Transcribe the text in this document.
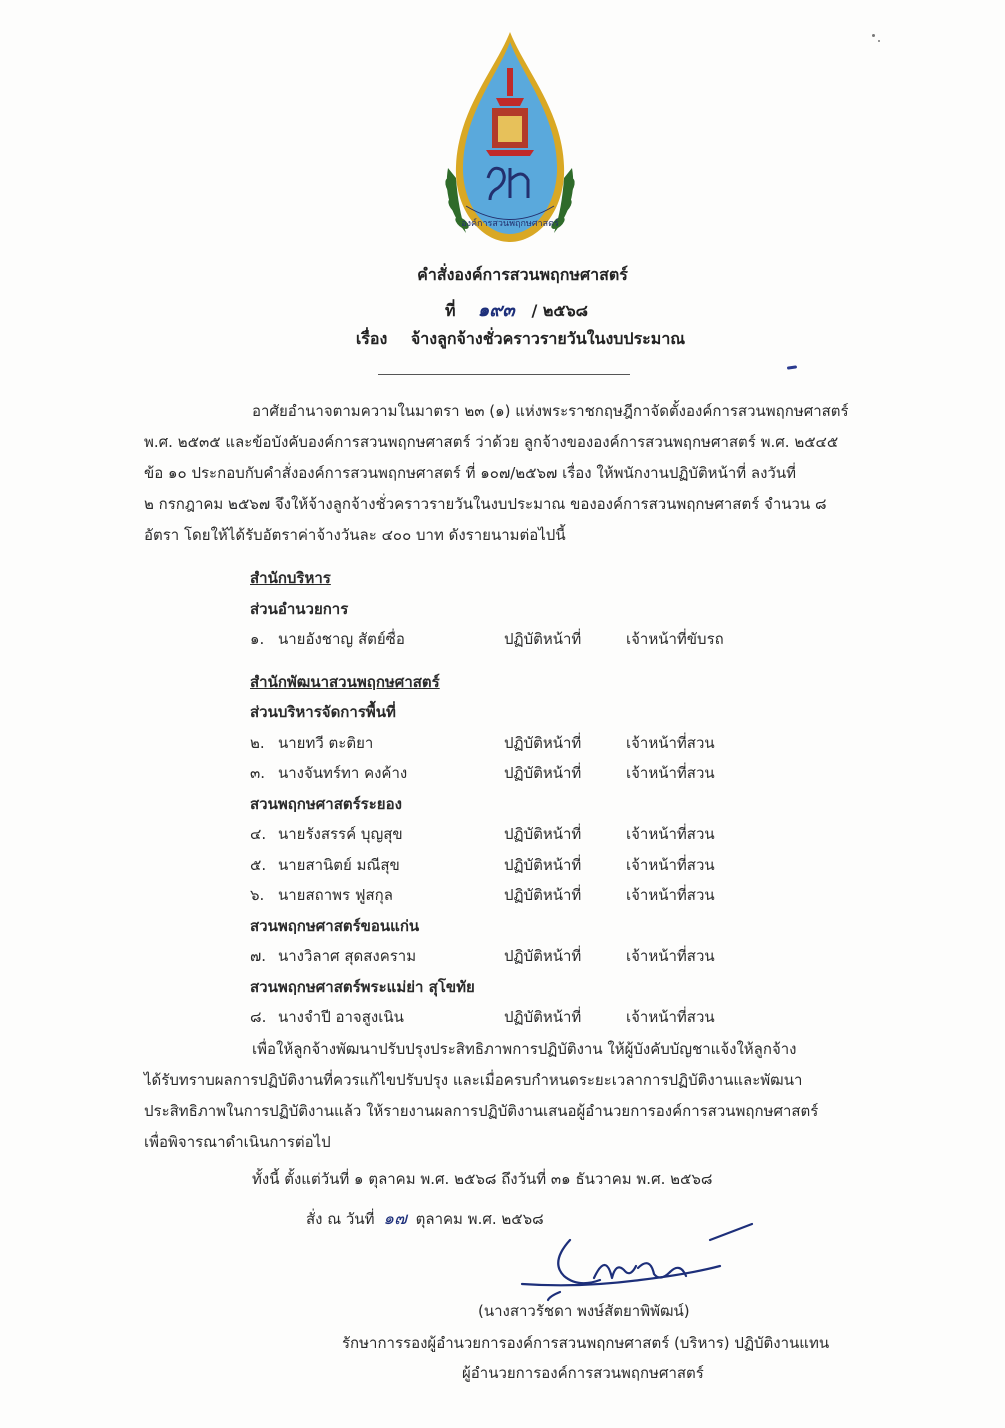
องค์การสวนพฤกษศาสตร์
คำสั่งองค์การสวนพฤกษศาสตร์
ที่ ๑๙๓ / ๒๕๖๘
เรื่อง จ้างลูกจ้างชั่วคราวรายวันในงบประมาณ
อาศัยอำนาจตามความในมาตรา ๒๓ (๑) แห่งพระราชกฤษฎีกาจัดตั้งองค์การสวนพฤกษศาสตร์
พ.ศ. ๒๕๓๕ และข้อบังคับองค์การสวนพฤกษศาสตร์ ว่าด้วย ลูกจ้างขององค์การสวนพฤกษศาสตร์ พ.ศ. ๒๕๔๕
ข้อ ๑๐ ประกอบกับคำสั่งองค์การสวนพฤกษศาสตร์ ที่ ๑๐๗/๒๕๖๗ เรื่อง ให้พนักงานปฏิบัติหน้าที่ ลงวันที่
๒ กรกฎาคม ๒๕๖๗ จึงให้จ้างลูกจ้างชั่วคราวรายวันในงบประมาณ ขององค์การสวนพฤกษศาสตร์ จำนวน ๘
อัตรา โดยให้ได้รับอัตราค่าจ้างวันละ ๔๐๐ บาท ดังรายนามต่อไปนี้
สำนักบริหาร
ส่วนอำนวยการ
๑. นายอังชาญ สัตย์ซื่อ	ปฏิบัติหน้าที่	เจ้าหน้าที่ขับรถ
สำนักพัฒนาสวนพฤกษศาสตร์
ส่วนบริหารจัดการพื้นที่
๒. นายทวี ตะติยา	ปฏิบัติหน้าที่	เจ้าหน้าที่สวน
๓. นางจันทร์ทา คงค้าง	ปฏิบัติหน้าที่	เจ้าหน้าที่สวน
สวนพฤกษศาสตร์ระยอง
๔. นายรังสรรค์ บุญสุข	ปฏิบัติหน้าที่	เจ้าหน้าที่สวน
๕. นายสานิตย์ มณีสุข	ปฏิบัติหน้าที่	เจ้าหน้าที่สวน
๖. นายสถาพร ฟูสกุล	ปฏิบัติหน้าที่	เจ้าหน้าที่สวน
สวนพฤกษศาสตร์ขอนแก่น
๗. นางวิลาศ สุดสงคราม	ปฏิบัติหน้าที่	เจ้าหน้าที่สวน
สวนพฤกษศาสตร์พระแม่ย่า สุโขทัย
๘. นางจำปี อาจสูงเนิน	ปฏิบัติหน้าที่	เจ้าหน้าที่สวน
เพื่อให้ลูกจ้างพัฒนาปรับปรุงประสิทธิภาพการปฏิบัติงาน ให้ผู้บังคับบัญชาแจ้งให้ลูกจ้าง
ได้รับทราบผลการปฏิบัติงานที่ควรแก้ไขปรับปรุง และเมื่อครบกำหนดระยะเวลาการปฏิบัติงานและพัฒนา
ประสิทธิภาพในการปฏิบัติงานแล้ว ให้รายงานผลการปฏิบัติงานเสนอผู้อำนวยการองค์การสวนพฤกษศาสตร์
เพื่อพิจารณาดำเนินการต่อไป
ทั้งนี้ ตั้งแต่วันที่ ๑ ตุลาคม พ.ศ. ๒๕๖๘ ถึงวันที่ ๓๑ ธันวาคม พ.ศ. ๒๕๖๘
สั่ง ณ วันที่ ๑๗ ตุลาคม พ.ศ. ๒๕๖๘
(นางสาวรัชดา พงษ์สัตยาพิพัฒน์)
รักษาการรองผู้อำนวยการองค์การสวนพฤกษศาสตร์ (บริหาร) ปฏิบัติงานแทน
ผู้อำนวยการองค์การสวนพฤกษศาสตร์
